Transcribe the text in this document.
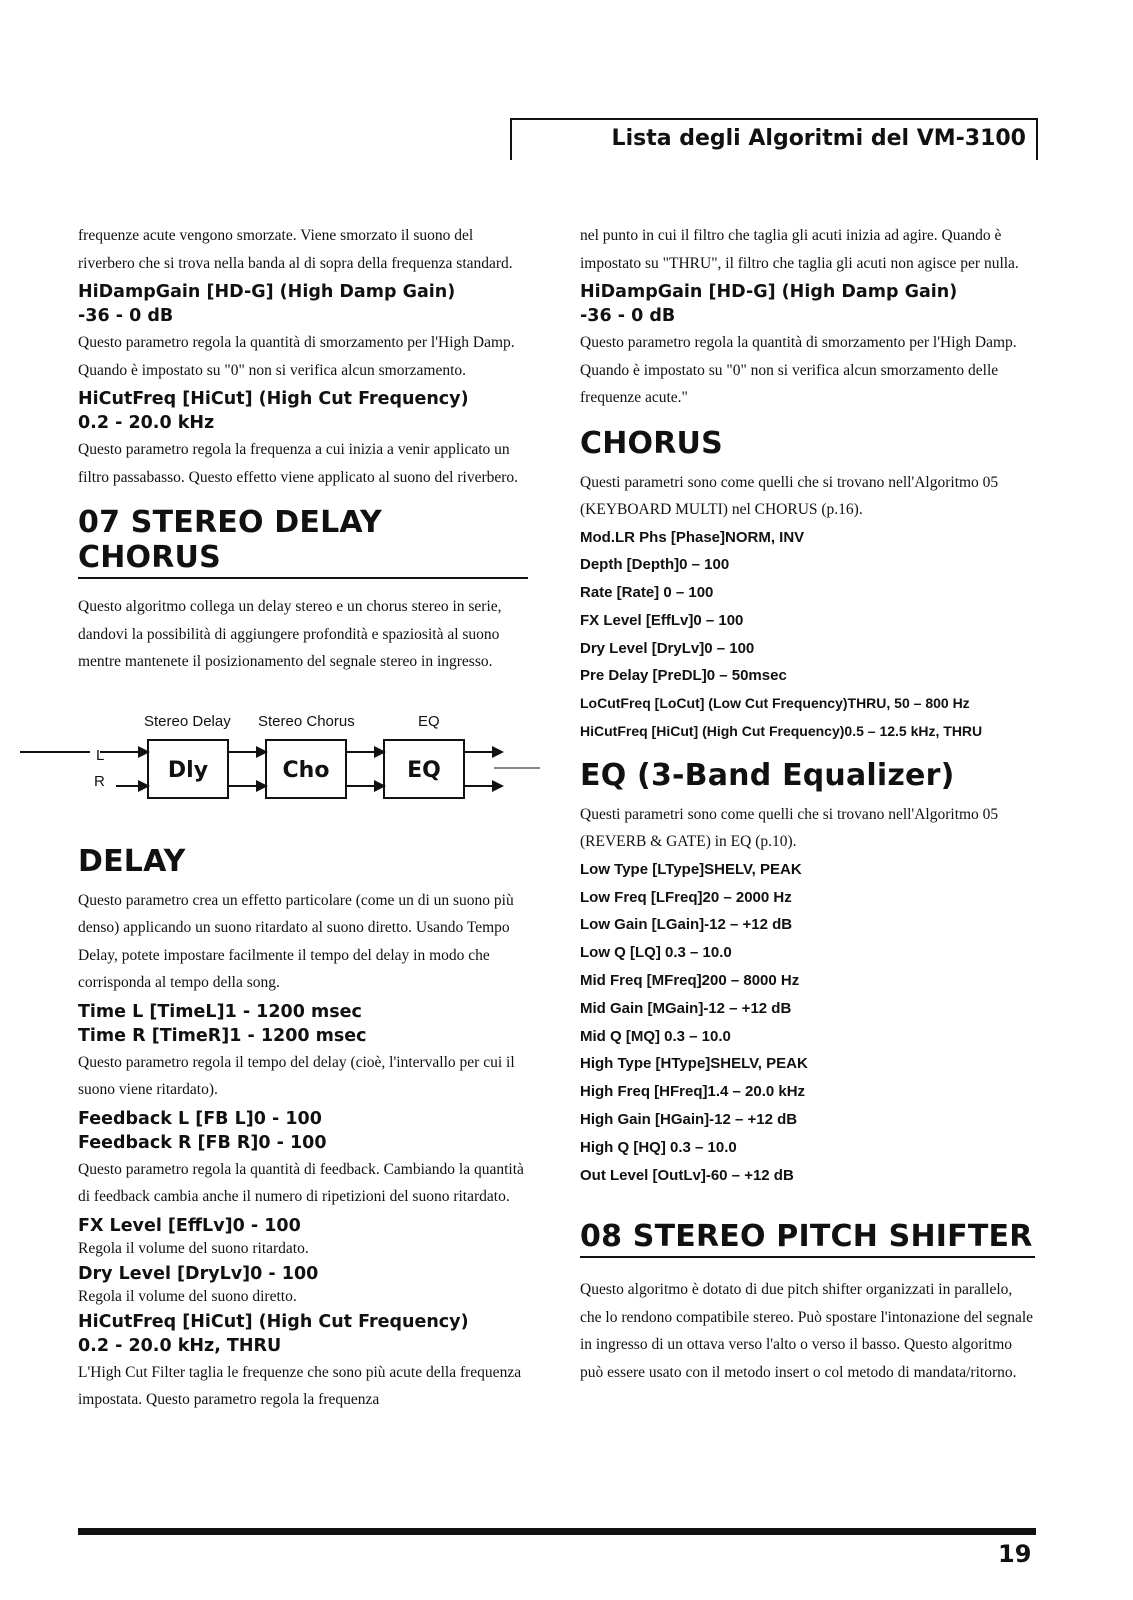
Lista degli Algoritmi del VM-3100

frequenze acute vengono smorzate. Viene smorzato il suono del riverbero che si trova nella banda al di sopra della frequenza standard.

HiDampGain [HD-G] (High Damp Gain)
-36 - 0 dB

Questo parametro regola la quantità di smorzamento per l'High Damp. Quando è impostato su "0" non si verifica alcun smorzamento.

HiCutFreq [HiCut] (High Cut Frequency)
0.2 - 20.0 kHz

Questo parametro regola la frequenza a cui inizia a venir applicato un filtro passabasso. Questo effetto viene applicato al suono del riverbero.

07 STEREO DELAY CHORUS

Questo algoritmo collega un delay stereo e un chorus stereo in serie, dandovi la possibilità di aggiungere profondità e spaziosità al suono mentre mantenete il posizionamento del segnale stereo in ingresso.

Stereo Delay Stereo Chorus	EQ
L
R	Dly	Cho	EQ
DELAY

Questo parametro crea un effetto particolare (come un di un suono più denso) applicando un suono ritardato al suono diretto. Usando Tempo Delay, potete impostare facilmente il tempo del delay in modo che corrisponda al tempo della song.

Time L [TimeL]1 - 1200 msec
Time R [TimeR]1 - 1200 msec

Questo parametro regola il tempo del delay (cioè, l'intervallo per cui il suono viene ritardato).

Feedback L [FB L]0 - 100
Feedback R [FB R]0 - 100

Questo parametro regola la quantità di feedback. Cambiando la quantità di feedback cambia anche il numero di ripetizioni del suono ritardato.

FX Level [EffLv]0 - 100

Regola il volume del suono ritardato.

Dry Level [DryLv]0 - 100

Regola il volume del suono diretto.

HiCutFreq [HiCut] (High Cut Frequency)
0.2 - 20.0 kHz, THRU

L'High Cut Filter taglia le frequenze che sono più acute della frequenza impostata. Questo parametro regola la frequenza

nel punto in cui il filtro che taglia gli acuti inizia ad agire. Quando è impostato su "THRU", il filtro che taglia gli acuti non agisce per nulla.

HiDampGain [HD-G] (High Damp Gain)
-36 - 0 dB

Questo parametro regola la quantità di smorzamento per l'High Damp. Quando è impostato su "0" non si verifica alcun smorzamento delle frequenze acute."

CHORUS

Questi parametri sono come quelli che si trovano nell'Algoritmo 05 (KEYBOARD MULTI) nel CHORUS (p.16).

Mod.LR Phs [Phase]NORM, INV
Depth [Depth]0 – 100
Rate [Rate] 0 – 100
FX Level [EffLv]0 – 100
Dry Level [DryLv]0 – 100
Pre Delay [PreDL]0 – 50msec
LoCutFreq [LoCut] (Low Cut Frequency)THRU, 50 – 800 Hz
HiCutFreq [HiCut] (High Cut Frequency)0.5 – 12.5 kHz, THRU
EQ (3-Band Equalizer)

Questi parametri sono come quelli che si trovano nell'Algoritmo 05 (REVERB & GATE) in EQ (p.10).

Low Type [LType]SHELV, PEAK
Low Freq [LFreq]20 – 2000 Hz
Low Gain [LGain]-12 – +12 dB
Low Q [LQ] 0.3 – 10.0
Mid Freq [MFreq]200 – 8000 Hz
Mid Gain [MGain]-12 – +12 dB
Mid Q [MQ] 0.3 – 10.0
High Type [HType]SHELV, PEAK
High Freq [HFreq]1.4 – 20.0 kHz
High Gain [HGain]-12 – +12 dB
High Q [HQ] 0.3 – 10.0
Out Level [OutLv]-60 – +12 dB
08 STEREO PITCH SHIFTER

Questo algoritmo è dotato di due pitch shifter organizzati in parallelo, che lo rendono compatibile stereo. Può spostare l'intonazione del segnale in ingresso di un ottava verso l'alto o verso il basso. Questo algoritmo può essere usato con il metodo insert o col metodo di mandata/ritorno.

19
